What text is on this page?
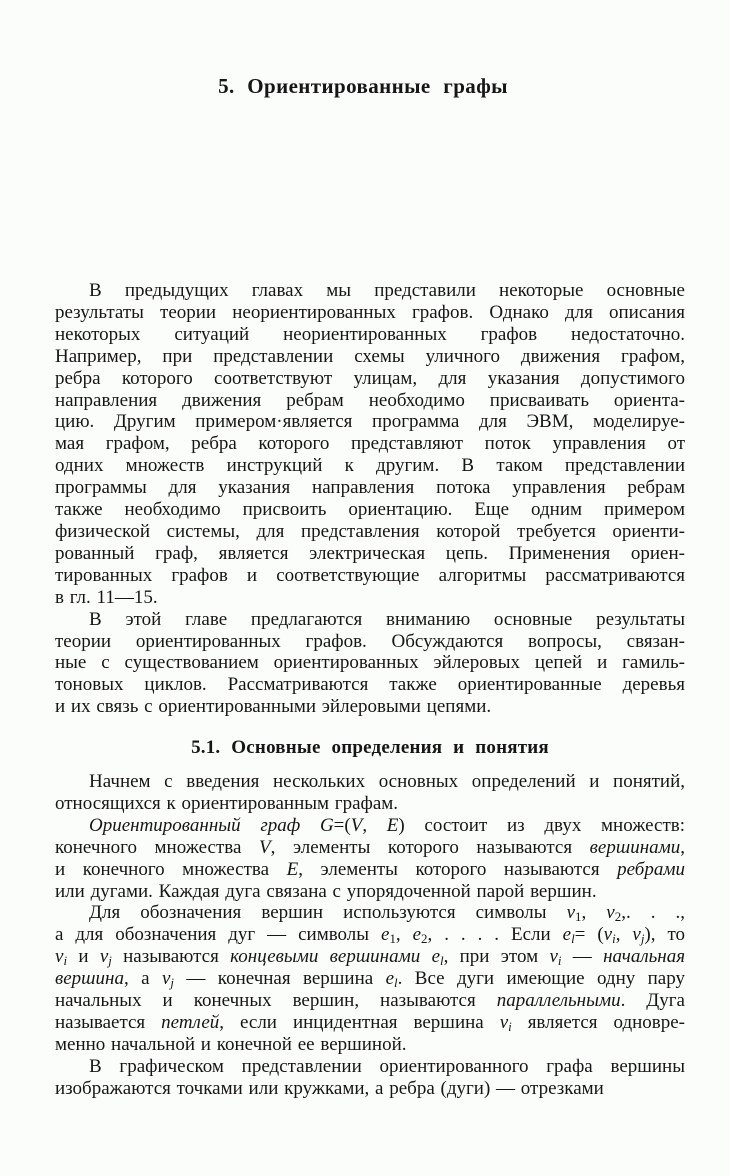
5. Ориентированные графы
В предыдущих главах мы представили некоторые основные
результаты теории неориентированных графов. Однако для описания
некоторых ситуаций неориентированных графов недостаточно.
Например, при представлении схемы уличного движения графом,
ребра которого соответствуют улицам, для указания допустимого
направления движения ребрам необходимо присваивать ориента-
цию. Другим примером·является программа для ЭВМ, моделируе-
мая графом, ребра которого представляют поток управления от
одних множеств инструкций к другим. В таком представлении
программы для указания направления потока управления ребрам
также необходимо присвоить ориентацию. Еще одним примером
физической системы, для представления которой требуется ориенти-
рованный граф, является электрическая цепь. Применения ориен-
тированных графов и соответствующие алгоритмы рассматриваются
в гл. 11—15.
В этой главе предлагаются вниманию основные результаты
теории ориентированных графов. Обсуждаются вопросы, связан-
ные с существованием ориентированных эйлеровых цепей и гамиль-
тоновых циклов. Рассматриваются также ориентированные деревья
и их связь с ориентированными эйлеровыми цепями.
5.1. Основные определения и понятия
Начнем с введения нескольких основных определений и понятий,
относящихся к ориентированным графам.
Ориентированный граф G=(V, E) состоит из двух множеств:
конечного множества V, элементы которого называются вершинами,
и конечного множества E, элементы которого называются ребрами
или дугами. Каждая дуга связана с упорядоченной парой вершин.
Для обозначения вершин используются символы $v_1$, $v_2$,. . .,
а для обозначения дуг — символы $e_1$, $e_2$, . . . . Если $e_l= (v_i$, $v_j$), то
$v_i$ и $v_j$ называются концевыми вершинами $e_l$, при этом $v_i$ — начальная
вершина, а $v_j$ — конечная вершина $e_l$. Все дуги имеющие одну пару
начальных и конечных вершин, называются параллельными. Дуга
называется петлей, если инцидентная вершина $v_i$ является одновре-
менно начальной и конечной ее вершиной.
В графическом представлении ориентированного графа вершины
изображаются точками или кружками, а ребра (дуги) — отрезками
